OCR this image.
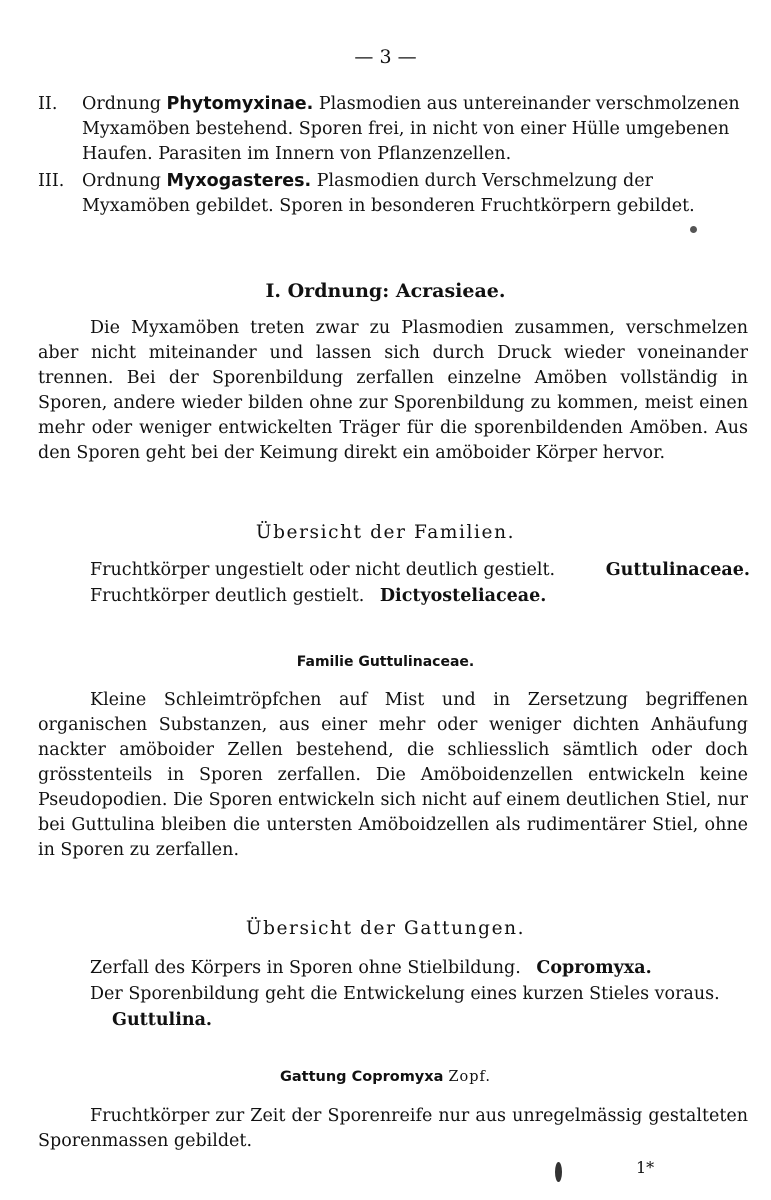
— 3 —

II. Ordnung Phytomyxinae. Plasmodien aus untereinander verschmolzenen Myxamöben bestehend. Sporen frei, in nicht von einer Hülle umgebenen Haufen. Parasiten im Innern von Pflanzenzellen.

III. Ordnung Myxogasteres. Plasmodien durch Verschmelzung der Myxamöben gebildet. Sporen in besonderen Fruchtkörpern gebildet.

I. Ordnung: Acrasieae.

Die Myxamöben treten zwar zu Plasmodien zusammen, verschmelzen aber nicht miteinander und lassen sich durch Druck wieder voneinander trennen. Bei der Sporenbildung zerfallen einzelne Amöben vollständig in Sporen, andere wieder bilden ohne zur Sporenbildung zu kommen, meist einen mehr oder weniger entwickelten Träger für die sporenbildenden Amöben. Aus den Sporen geht bei der Keimung direkt ein amöboider Körper hervor.

Übersicht der Familien.
Fruchtkörper ungestielt oder nicht deutlich gestielt.	Guttulinaceae.
Fruchtkörper deutlich gestielt. Dictyosteliaceae.
Familie Guttulinaceae.

Kleine Schleimtröpfchen auf Mist und in Zersetzung begriffenen organischen Substanzen, aus einer mehr oder weniger dichten Anhäufung nackter amöboider Zellen bestehend, die schliesslich sämtlich oder doch grösstenteils in Sporen zerfallen. Die Amöboidenzellen entwickeln keine Pseudopodien. Die Sporen entwickeln sich nicht auf einem deutlichen Stiel, nur bei Guttulina bleiben die untersten Amöboidzellen als rudimentärer Stiel, ohne in Sporen zu zerfallen.

Übersicht der Gattungen.
Zerfall des Körpers in Sporen ohne Stielbildung. Copromyxa.
Der Sporenbildung geht die Entwickelung eines kurzen Stieles voraus.
Guttulina.
Gattung Copromyxa Zopf.

Fruchtkörper zur Zeit der Sporenreife nur aus unregelmässig gestalteten Sporenmassen gebildet.

1*
